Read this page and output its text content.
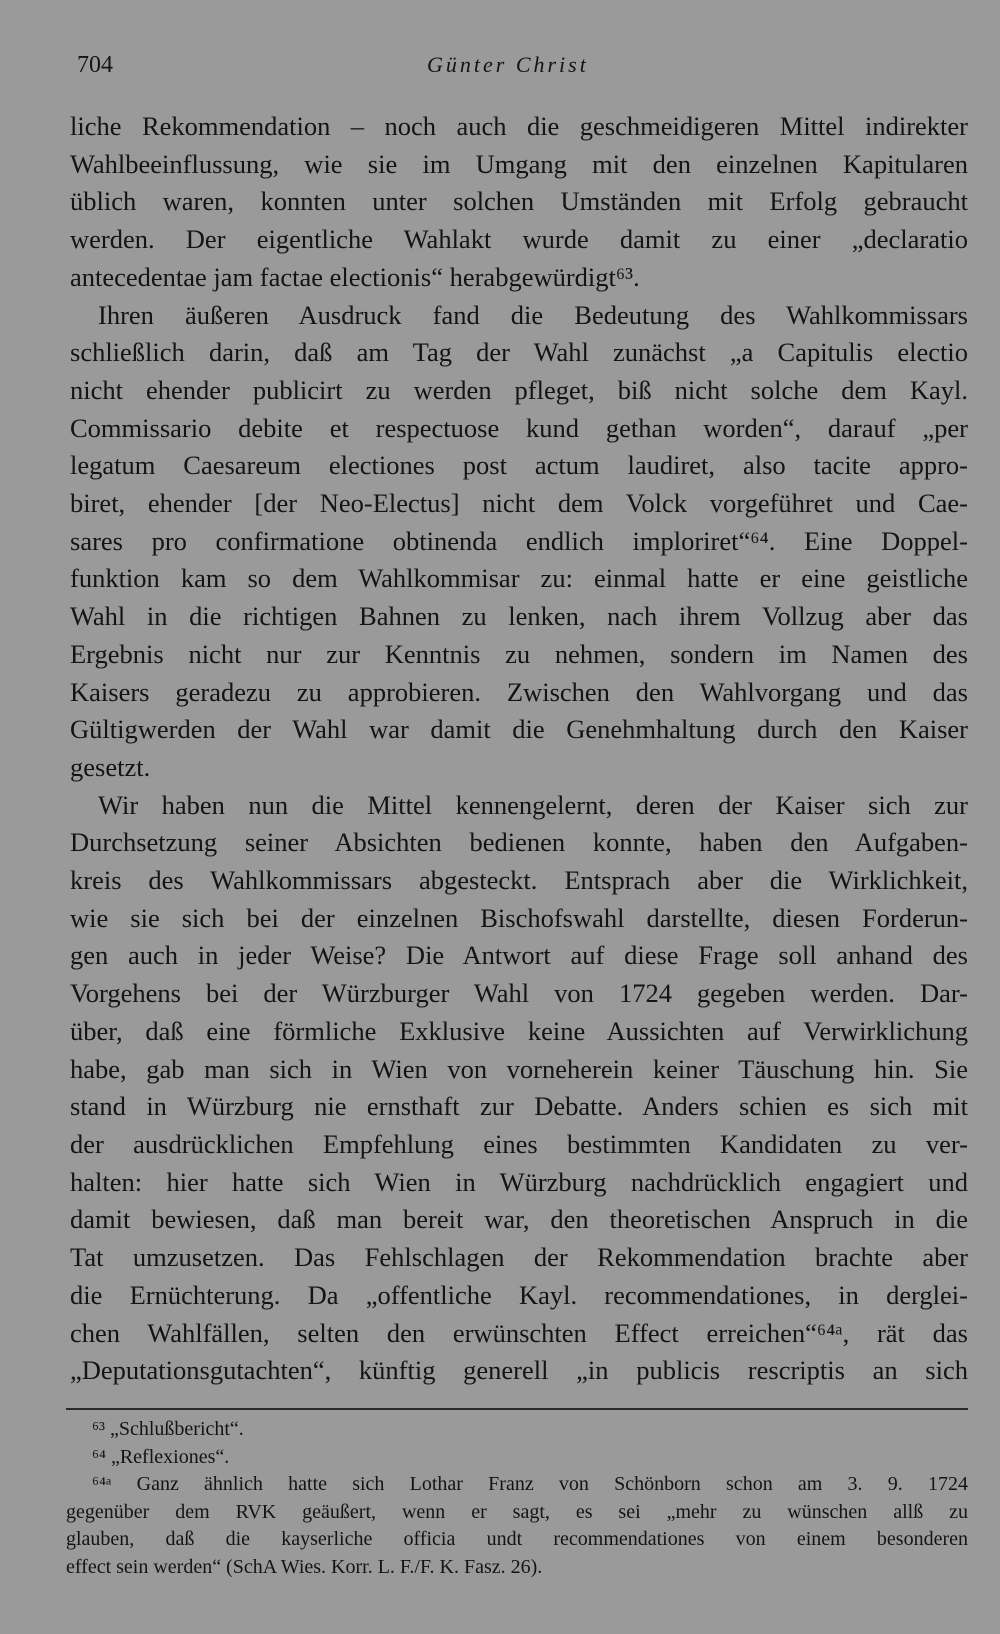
704	Günter Christ
liche Rekommendation – noch auch die geschmeidigeren Mittel indirekter
Wahlbeeinflussung, wie sie im Umgang mit den einzelnen Kapitularen
üblich waren, konnten unter solchen Umständen mit Erfolg gebraucht
werden. Der eigentliche Wahlakt wurde damit zu einer „declaratio
antecedentae jam factae electionis“ herabgewürdigt⁶³.
Ihren äußeren Ausdruck fand die Bedeutung des Wahlkommissars
schließlich darin, daß am Tag der Wahl zunächst „a Capitulis electio
nicht ehender publicirt zu werden pfleget, biß nicht solche dem Kayl.
Commissario debite et respectuose kund gethan worden“, darauf „per
legatum Caesareum electiones post actum laudiret, also tacite appro-
biret, ehender [der Neo-Electus] nicht dem Volck vorgeführet und Cae-
sares pro confirmatione obtinenda endlich imploriret“⁶⁴. Eine Doppel-
funktion kam so dem Wahlkommisar zu: einmal hatte er eine geistliche
Wahl in die richtigen Bahnen zu lenken, nach ihrem Vollzug aber das
Ergebnis nicht nur zur Kenntnis zu nehmen, sondern im Namen des
Kaisers geradezu zu approbieren. Zwischen den Wahlvorgang und das
Gültigwerden der Wahl war damit die Genehmhaltung durch den Kaiser
gesetzt.
Wir haben nun die Mittel kennengelernt, deren der Kaiser sich zur
Durchsetzung seiner Absichten bedienen konnte, haben den Aufgaben-
kreis des Wahlkommissars abgesteckt. Entsprach aber die Wirklichkeit,
wie sie sich bei der einzelnen Bischofswahl darstellte, diesen Forderun-
gen auch in jeder Weise? Die Antwort auf diese Frage soll anhand des
Vorgehens bei der Würzburger Wahl von 1724 gegeben werden. Dar-
über, daß eine förmliche Exklusive keine Aussichten auf Verwirklichung
habe, gab man sich in Wien von vorneherein keiner Täuschung hin. Sie
stand in Würzburg nie ernsthaft zur Debatte. Anders schien es sich mit
der ausdrücklichen Empfehlung eines bestimmten Kandidaten zu ver-
halten: hier hatte sich Wien in Würzburg nachdrücklich engagiert und
damit bewiesen, daß man bereit war, den theoretischen Anspruch in die
Tat umzusetzen. Das Fehlschlagen der Rekommendation brachte aber
die Ernüchterung. Da „offentliche Kayl. recommendationes, in derglei-
chen Wahlfällen, selten den erwünschten Effect erreichen“⁶⁴ᵃ, rät das
„Deputationsgutachten“, künftig generell „in publicis rescriptis an sich
⁶³ „Schlußbericht“.
⁶⁴ „Reflexiones“.
⁶⁴ᵃ Ganz ähnlich hatte sich Lothar Franz von Schönborn schon am 3. 9. 1724
gegenüber dem RVK geäußert, wenn er sagt, es sei „mehr zu wünschen allß zu
glauben, daß die kayserliche officia undt recommendationes von einem besonderen
effect sein werden“ (SchA Wies. Korr. L. F./F. K. Fasz. 26).
